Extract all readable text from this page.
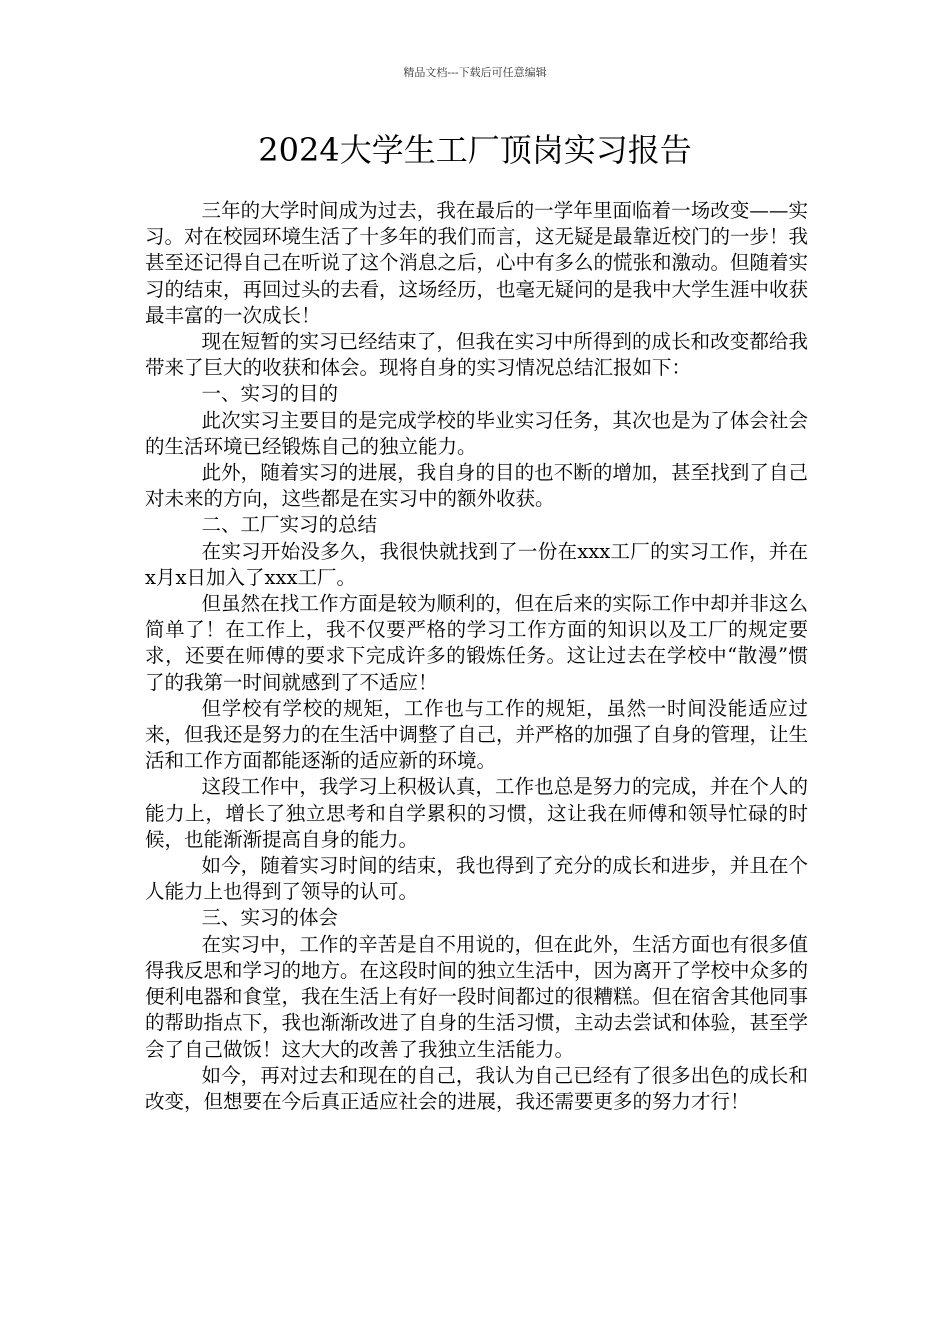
精品文档---下载后可任意编辑
2024大学生工厂顶岗实习报告

三年的大学时间成为过去，我在最后的一学年里面临着一场改变——实习。对在校园环境生活了十多年的我们而言，这无疑是最靠近校门的一步！我甚至还记得自己在听说了这个消息之后，心中有多么的慌张和激动。但随着实习的结束，再回过头的去看，这场经历，也毫无疑问的是我中大学生涯中收获最丰富的一次成长！

现在短暂的实习已经结束了，但我在实习中所得到的成长和改变都给我带来了巨大的收获和体会。现将自身的实习情况总结汇报如下：

一、实习的目的

此次实习主要目的是完成学校的毕业实习任务，其次也是为了体会社会的生活环境已经锻炼自己的独立能力。

此外，随着实习的进展，我自身的目的也不断的增加，甚至找到了自己对未来的方向，这些都是在实习中的额外收获。

二、工厂实习的总结

在实习开始没多久，我很快就找到了一份在xxx工厂的实习工作，并在x月x日加入了xxx工厂。

但虽然在找工作方面是较为顺利的，但在后来的实际工作中却并非这么简单了！在工作上，我不仅要严格的学习工作方面的知识以及工厂的规定要求，还要在师傅的要求下完成许多的锻炼任务。这让过去在学校中“散漫”惯了的我第一时间就感到了不适应！

但学校有学校的规矩，工作也与工作的规矩，虽然一时间没能适应过来，但我还是努力的在生活中调整了自己，并严格的加强了自身的管理，让生活和工作方面都能逐渐的适应新的环境。

这段工作中，我学习上积极认真，工作也总是努力的完成，并在个人的能力上，增长了独立思考和自学累积的习惯，这让我在师傅和领导忙碌的时候，也能渐渐提高自身的能力。

如今，随着实习时间的结束，我也得到了充分的成长和进步，并且在个人能力上也得到了领导的认可。

三、实习的体会

在实习中，工作的辛苦是自不用说的，但在此外，生活方面也有很多值得我反思和学习的地方。在这段时间的独立生活中，因为离开了学校中众多的便利电器和食堂，我在生活上有好一段时间都过的很糟糕。但在宿舍其他同事的帮助指点下，我也渐渐改进了自身的生活习惯，主动去尝试和体验，甚至学会了自己做饭！这大大的改善了我独立生活能力。

如今，再对过去和现在的自己，我认为自己已经有了很多出色的成长和改变，但想要在今后真正适应社会的进展，我还需要更多的努力才行！
